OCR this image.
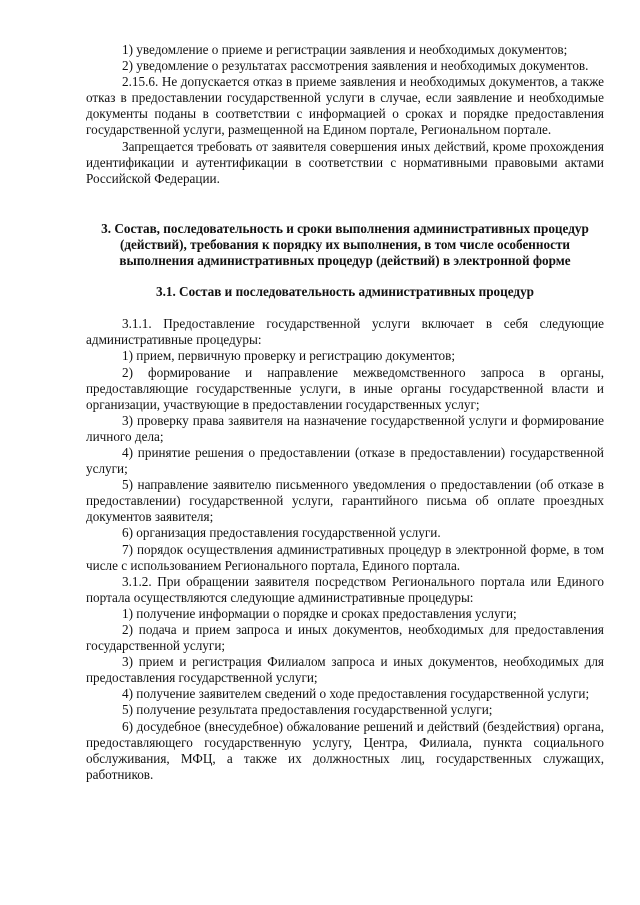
1) уведомление о приеме и регистрации заявления и необходимых документов;

2) уведомление о результатах рассмотрения заявления и необходимых документов.

2.15.6. Не допускается отказ в приеме заявления и необходимых документов, а также отказ в предоставлении государственной услуги в случае, если заявление и необходимые документы поданы в соответствии с информацией о сроках и порядке предоставления государственной услуги, размещенной на Едином портале, Региональном портале.

Запрещается требовать от заявителя совершения иных действий, кроме прохождения идентификации и аутентификации в соответствии с нормативными правовыми актами Российской Федерации.

3. Состав, последовательность и сроки выполнения административных процедур (действий), требования к порядку их выполнения, в том числе особенности выполнения административных процедур (действий) в электронной форме

3.1. Состав и последовательность административных процедур

3.1.1. Предоставление государственной услуги включает в себя следующие административные процедуры:

1) прием, первичную проверку и регистрацию документов;

2) формирование и направление межведомственного запроса в органы, предоставляющие государственные услуги, в иные органы государственной власти и организации, участвующие в предоставлении государственных услуг;

3) проверку права заявителя на назначение государственной услуги и формирование личного дела;

4) принятие решения о предоставлении (отказе в предоставлении) государственной услуги;

5) направление заявителю письменного уведомления о предоставлении (об отказе в предоставлении) государственной услуги, гарантийного письма об оплате проездных документов заявителя;

6) организация предоставления государственной услуги.

7) порядок осуществления административных процедур в электронной форме, в том числе с использованием Регионального портала, Единого портала.

3.1.2. При обращении заявителя посредством Регионального портала или Единого портала осуществляются следующие административные процедуры:

1) получение информации о порядке и сроках предоставления услуги;

2) подача и прием запроса и иных документов, необходимых для предоставления государственной услуги;

3) прием и регистрация Филиалом запроса и иных документов, необходимых для предоставления государственной услуги;

4) получение заявителем сведений о ходе предоставления государственной услуги;

5) получение результата предоставления государственной услуги;

6) досудебное (внесудебное) обжалование решений и действий (бездействия) органа, предоставляющего государственную услугу, Центра, Филиала, пункта социального обслуживания, МФЦ, а также их должностных лиц, государственных служащих, работников.
